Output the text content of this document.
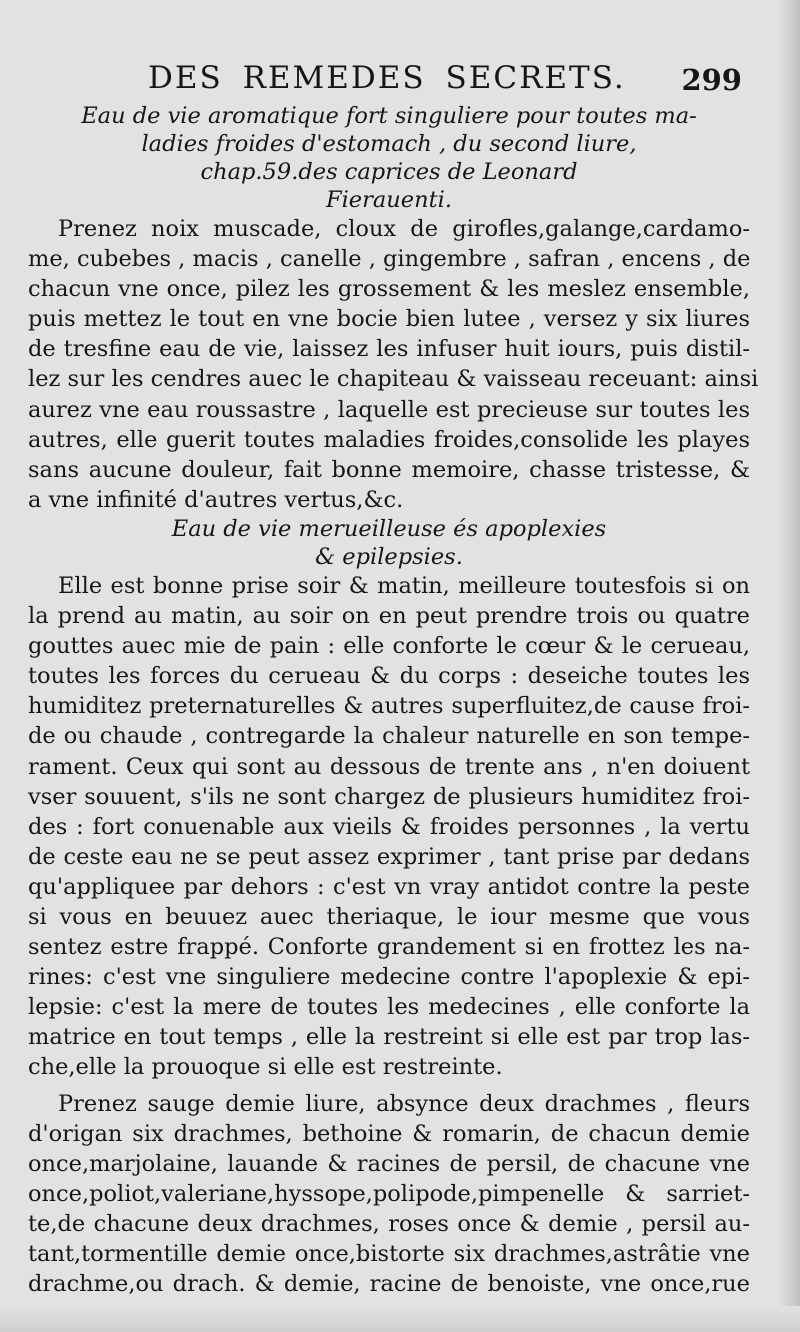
DES REMEDES SECRETS. 299
Eau de vie aromatique fort singuliere pour toutes ma-
ladies froides d'estomach , du second liure,
chap.59.des caprices de Leonard
Fierauenti.
Prenez noix muscade, cloux de girofles,galange,cardamo-
me, cubebes , macis , canelle , gingembre , safran , encens , de
chacun vne once, pilez les grossement & les meslez ensemble,
puis mettez le tout en vne bocie bien lutee , versez y six liures
de tresfine eau de vie, laissez les infuser huit iours, puis distil-
lez sur les cendres auec le chapiteau & vaisseau receuant: ainsi
aurez vne eau roussastre , laquelle est precieuse sur toutes les
autres, elle guerit toutes maladies froides,consolide les playes
sans aucune douleur, fait bonne memoire, chasse tristesse, &
a vne infinité d'autres vertus,&c.
Eau de vie merueilleuse és apoplexies
& epilepsies.
Elle est bonne prise soir & matin, meilleure toutesfois si on
la prend au matin, au soir on en peut prendre trois ou quatre
gouttes auec mie de pain : elle conforte le cœur & le cerueau,
toutes les forces du cerueau & du corps : deseiche toutes les
humiditez preternaturelles & autres superfluitez,de cause froi-
de ou chaude , contregarde la chaleur naturelle en son tempe-
rament. Ceux qui sont au dessous de trente ans , n'en doiuent
vser souuent, s'ils ne sont chargez de plusieurs humiditez froi-
des : fort conuenable aux vieils & froides personnes , la vertu
de ceste eau ne se peut assez exprimer , tant prise par dedans
qu'appliquee par dehors : c'est vn vray antidot contre la peste
si vous en beuuez auec theriaque, le iour mesme que vous
sentez estre frappé. Conforte grandement si en frottez les na-
rines: c'est vne singuliere medecine contre l'apoplexie & epi-
lepsie: c'est la mere de toutes les medecines , elle conforte la
matrice en tout temps , elle la restreint si elle est par trop las-
che,elle la prouoque si elle est restreinte.
Prenez sauge demie liure, absynce deux drachmes , fleurs
d'origan six drachmes, bethoine & romarin, de chacun demie
once,marjolaine, lauande & racines de persil, de chacune vne
once,poliot,valeriane,hyssope,polipode,pimpenelle & sarriet-
te,de chacune deux drachmes, roses once & demie , persil au-
tant,tormentille demie once,bistorte six drachmes,astrâtie vne
drachme,ou drach. & demie, racine de benoiste, vne once,rue
